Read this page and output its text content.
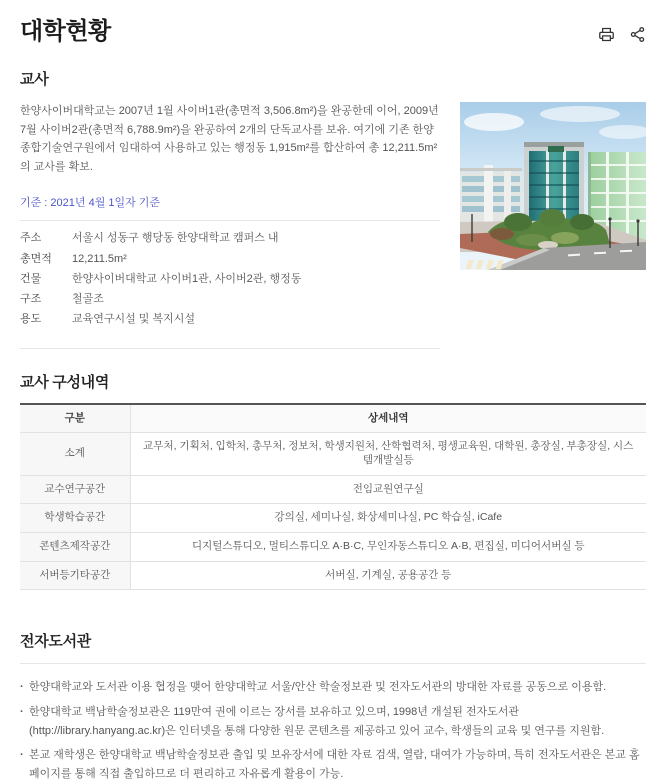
대학현황
교사

한양사이버대학교는 2007년 1월 사이버1관(총면적 3,506.8m²)을 완공한데 이어, 2009년 7월 사이버2관(총면적 6,788.9m²)을 완공하여 2개의 단독교사를 보유. 여기에 기존 한양종합기술연구원에서 임대하여 사용하고 있는 행정동 1,915m²를 합산하여 총 12,211.5m²의 교사를 확보.

기준 : 2021년 4월 1일자 기준

주소	서울시 성동구 행당동 한양대학교 캠퍼스 내
총면적	12,211.5m²
건물	한양사이버대학교 사이버1관, 사이버2관, 행정동
구조	철골조
용도	교육연구시설 및 복지시설
교사 구성내역
구분	상세내역
소계	교무처, 기획처, 입학처, 총무처, 정보처, 학생지원처, 산학협력처, 평생교육원, 대학원, 총장실, 부총장실, 시스템개발실등
교수연구공간	전임교원연구실
학생학습공간	강의실, 세미나실, 화상세미나실, PC 학습실, iCafe
콘텐츠제작공간	디지털스튜디오, 멀티스튜디오 A·B·C, 무인자동스튜디오 A·B, 편집실, 미디어서버실 등
서버등기타공간	서버실, 기계실, 공용공간 등
전자도서관

· 한양대학교와 도서관 이용 협정을 맺어 한양대학교 서울/안산 학술정보관 및 전자도서관의 방대한 자료를 공동으로 이용함.

· 한양대학교 백남학술정보관은 119만여 권에 이르는 장서를 보유하고 있으며, 1998년 개설된 전자도서관(http://library.hanyang.ac.kr)은 인터넷을 통해 다양한 원문 콘텐츠를 제공하고 있어 교수, 학생들의 교육 및 연구를 지원함.

· 본교 재학생은 한양대학교 백남학술정보관 출입 및 보유장서에 대한 자료 검색, 열람, 대여가 가능하며, 특히 전자도서관은 본교 홈페이지를 통해 직접 출입하므로 더 편리하고 자유롭게 활용이 가능.
